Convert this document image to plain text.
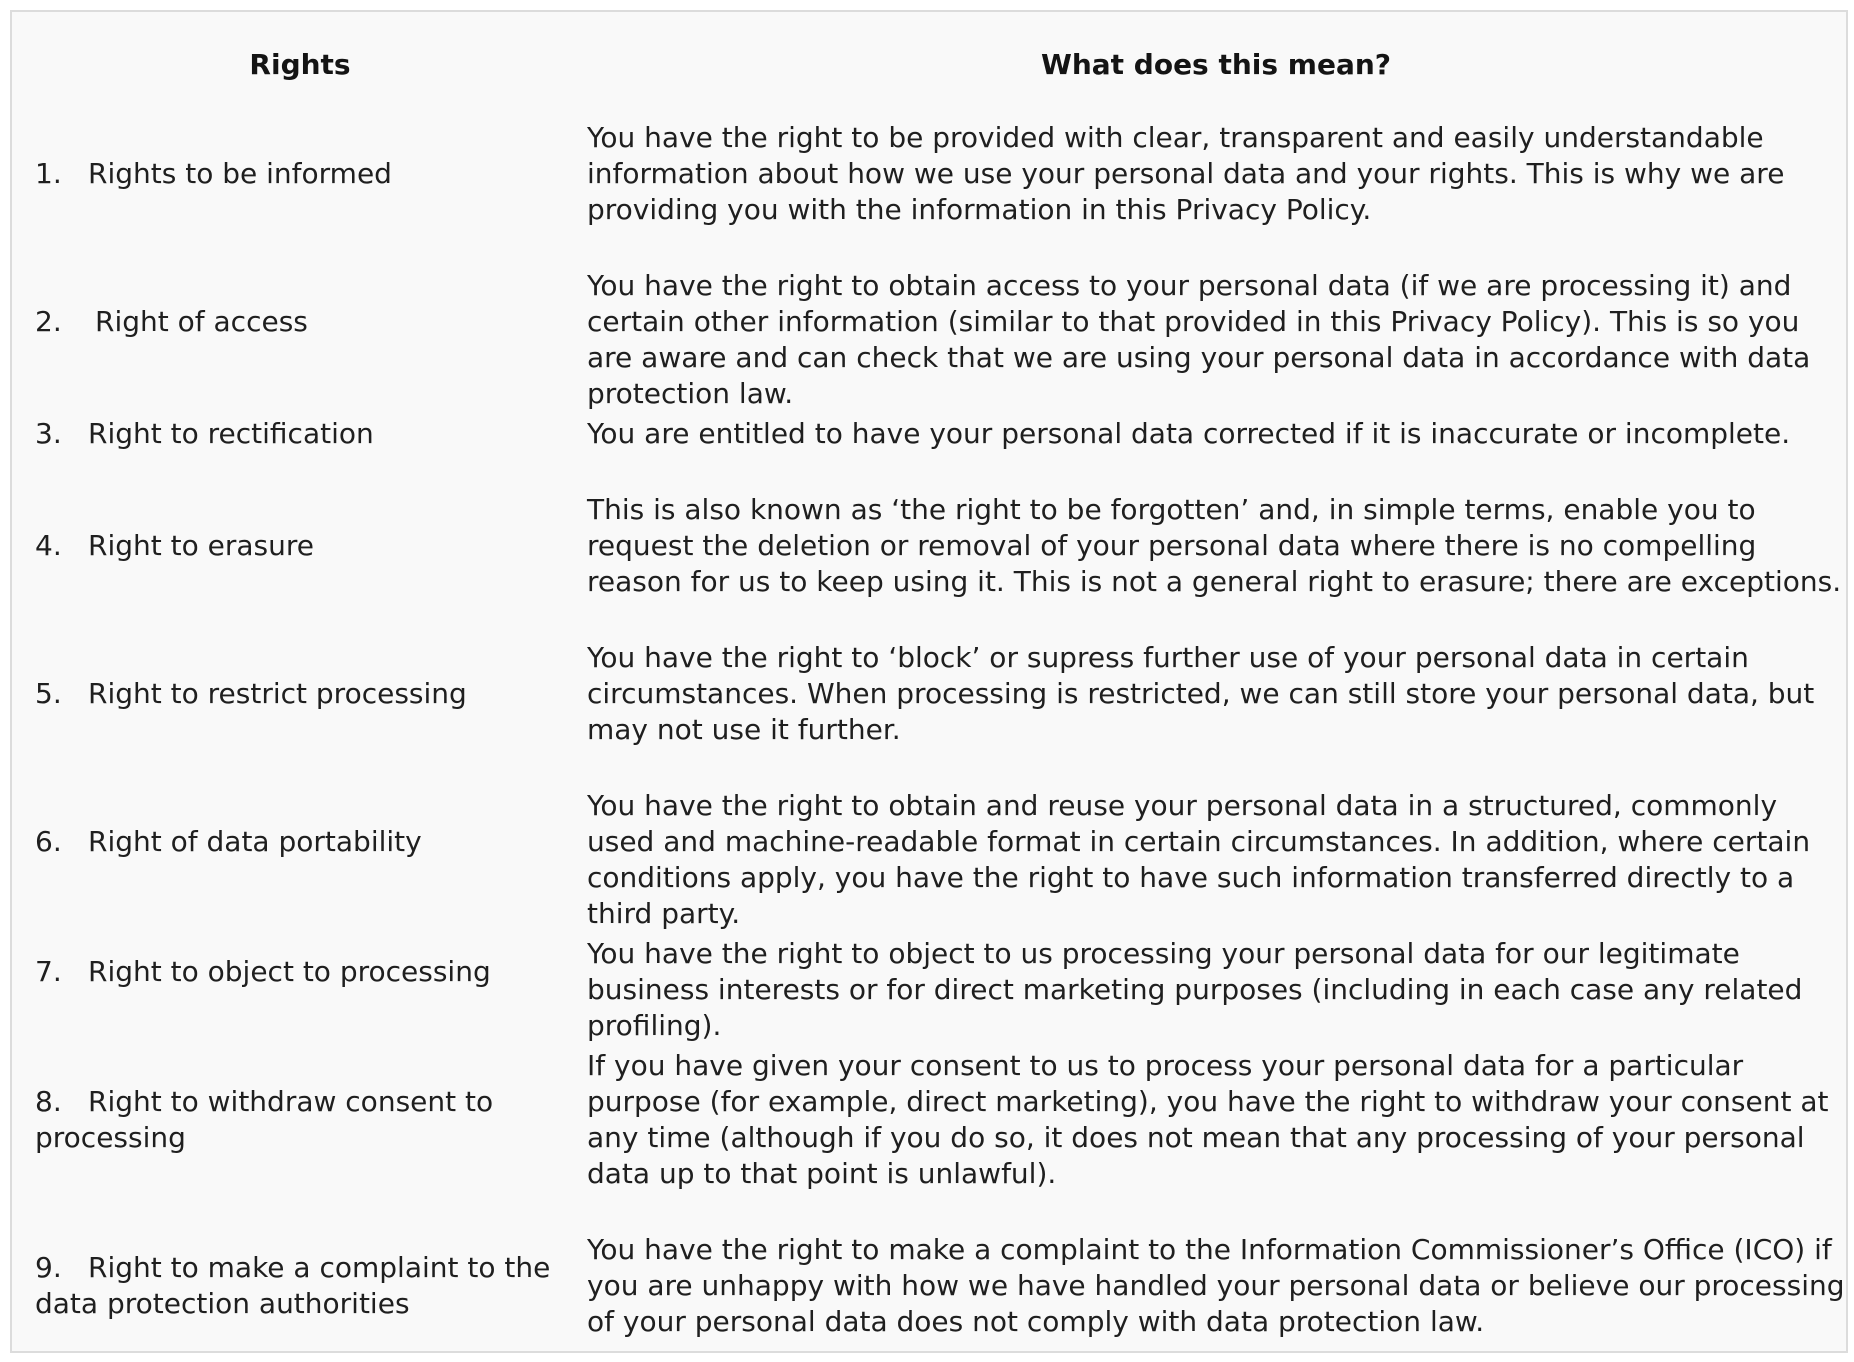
Rights	What does this mean?
1. Rights to be informed
You have the right to be provided with clear, transparent and easily understandable information about how we use your personal data and your rights. This is why we are providing you with the information in this Privacy Policy.
2. Right of access
You have the right to obtain access to your personal data (if we are processing it) and certain other information (similar to that provided in this Privacy Policy). This is so you are aware and can check that we are using your personal data in accordance with data protection law.
3. Right to rectification	You are entitled to have your personal data corrected if it is inaccurate or incomplete.
4. Right to erasure
This is also known as ‘the right to be forgotten’ and, in simple terms, enable you to request the deletion or removal of your personal data where there is no compelling reason for us to keep using it. This is not a general right to erasure; there are exceptions.
5. Right to restrict processing
You have the right to ‘block’ or supress further use of your personal data in certain circumstances. When processing is restricted, we can still store your personal data, but may not use it further.
6. Right of data portability
You have the right to obtain and reuse your personal data in a structured, commonly used and machine-readable format in certain circumstances. In addition, where certain conditions apply, you have the right to have such information transferred directly to a third party.
7. Right to object to processing
You have the right to object to us processing your personal data for our legitimate business interests or for direct marketing purposes (including in each case any related profiling).
8. Right to withdraw consent to processing
If you have given your consent to us to process your personal data for a particular purpose (for example, direct marketing), you have the right to withdraw your consent at any time (although if you do so, it does not mean that any processing of your personal data up to that point is unlawful).
9. Right to make a complaint to the data protection authorities
You have the right to make a complaint to the Information Commissioner’s Office (ICO) if you are unhappy with how we have handled your personal data or believe our processing of your personal data does not comply with data protection law.
